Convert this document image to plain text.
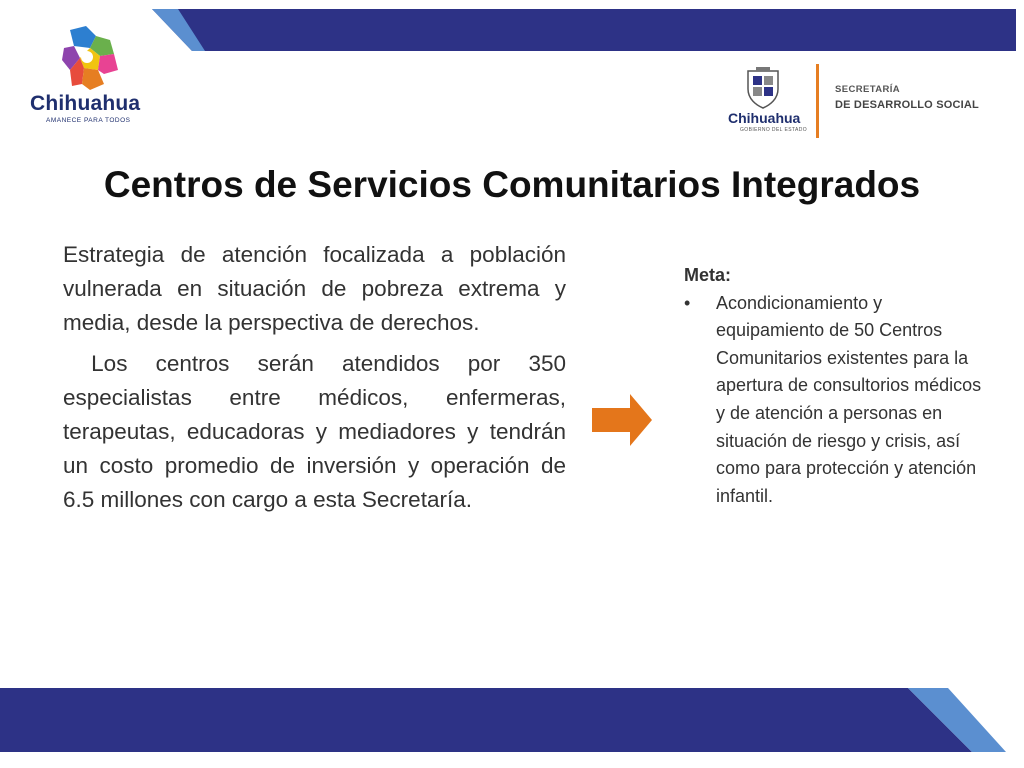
Chihuahua
AMANECE PARA TODOS	Chihuahua
GOBIERNO DEL ESTADO
SECRETARÍA
DE DESARROLLO SOCIAL
Centros de Servicios Comunitarios Integrados

Estrategia de atención focalizada a población vulnerada en situación de pobreza extrema y media, desde la perspectiva de derechos.

Los centros serán atendidos por 350 especialistas entre médicos, enfermeras, terapeutas, educadoras y mediadores y tendrán un costo promedio de inversión y operación de 6.5 millones con cargo a esta Secretaría.

Meta:

• Acondicionamiento y equipamiento de 50 Centros Comunitarios existentes para la apertura de consultorios médicos y de atención a personas en situación de riesgo y crisis, así como para protección y atención infantil.
